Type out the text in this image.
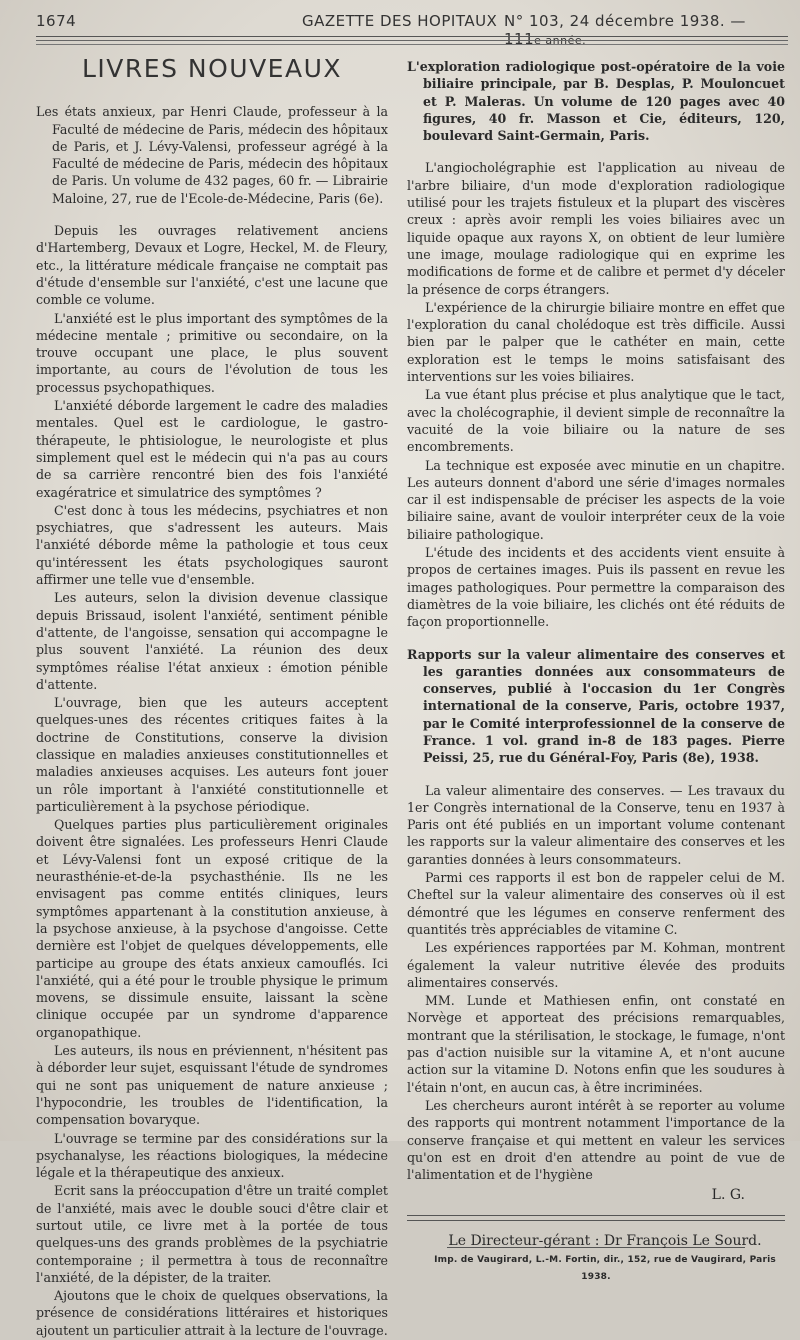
1674	GAZETTE DES HOPITAUX N° 103, 24 décembre 1938. — 111e année.
LIVRES NOUVEAUX

Les états anxieux, par Henri Claude, professeur à la Faculté de médecine de Paris, médecin des hôpitaux de Paris, et J. Lévy-Valensi, professeur agrégé à la Faculté de médecine de Paris, médecin des hôpitaux de Paris. Un volume de 432 pages, 60 fr. — Librairie Maloine, 27, rue de l'Ecole-de-Médecine, Paris (6e).

Depuis les ouvrages relativement anciens d'Hartemberg, Devaux et Logre, Heckel, M. de Fleury, etc., la littérature médicale française ne comptait pas d'étude d'ensemble sur l'anxiété, c'est une lacune que comble ce volume.

L'anxiété est le plus important des symptômes de la médecine mentale ; primitive ou secondaire, on la trouve occupant une place, le plus souvent importante, au cours de l'évolution de tous les processus psychopathiques.

L'anxiété déborde largement le cadre des maladies mentales. Quel est le cardiologue, le gastro-thérapeute, le phtisiologue, le neurologiste et plus simplement quel est le médecin qui n'a pas au cours de sa carrière rencontré bien des fois l'anxiété exagératrice et simulatrice des symptômes ?

C'est donc à tous les médecins, psychiatres et non psychiatres, que s'adressent les auteurs. Mais l'anxiété déborde même la pathologie et tous ceux qu'intéressent les états psychologiques sauront affirmer une telle vue d'ensemble.

Les auteurs, selon la division devenue classique depuis Brissaud, isolent l'anxiété, sentiment pénible d'attente, de l'angoisse, sensation qui accompagne le plus souvent l'anxiété. La réunion des deux symptômes réalise l'état anxieux : émotion pénible d'attente.

L'ouvrage, bien que les auteurs acceptent quelques-unes des récentes critiques faites à la doctrine de Constitutions, conserve la division classique en maladies anxieuses constitutionnelles et maladies anxieuses acquises. Les auteurs font jouer un rôle important à l'anxiété constitutionnelle et particulièrement à la psychose périodique.

Quelques parties plus particulièrement originales doivent être signalées. Les professeurs Henri Claude et Lévy-Valensi font un exposé critique de la neurasthénie-et-de-la psychasthénie. Ils ne les envisagent pas comme entités cliniques, leurs symptômes appartenant à la constitution anxieuse, à la psychose anxieuse, à la psychose d'angoisse. Cette dernière est l'objet de quelques développements, elle participe au groupe des états anxieux camouflés. Ici l'anxiété, qui a été pour le trouble physique le primum movens, se dissimule ensuite, laissant la scène clinique occupée par un syndrome d'apparence organopathique.

Les auteurs, ils nous en préviennent, n'hésitent pas à déborder leur sujet, esquissant l'étude de syndromes qui ne sont pas uniquement de nature anxieuse ; l'hypocondrie, les troubles de l'identification, la compensation bovaryque.

L'ouvrage se termine par des considérations sur la psychanalyse, les réactions biologiques, la médecine légale et la thérapeutique des anxieux.

Ecrit sans la préoccupation d'être un traité complet de l'anxiété, mais avec le double souci d'être clair et surtout utile, ce livre met à la portée de tous quelques-uns des grands problèmes de la psychiatrie contemporaine ; il permettra à tous de reconnaître l'anxiété, de la dépister, de la traiter.

Ajoutons que le choix de quelques observations, la présence de considérations littéraires et historiques ajoutent un particulier attrait à la lecture de l'ouvrage.

L'exploration radiologique post-opératoire de la voie biliaire principale, par B. Desplas, P. Mouloncuet et P. Maleras. Un volume de 120 pages avec 40 figures, 40 fr. Masson et Cie, éditeurs, 120, boulevard Saint-Germain, Paris.

L'angiocholégraphie est l'application au niveau de l'arbre biliaire, d'un mode d'exploration radiologique utilisé pour les trajets fistuleux et la plupart des viscères creux : après avoir rempli les voies biliaires avec un liquide opaque aux rayons X, on obtient de leur lumière une image, moulage radiologique qui en exprime les modifications de forme et de calibre et permet d'y déceler la présence de corps étrangers.

L'expérience de la chirurgie biliaire montre en effet que l'exploration du canal cholédoque est très difficile. Aussi bien par le palper que le cathéter en main, cette exploration est le temps le moins satisfaisant des interventions sur les voies biliaires.

La vue étant plus précise et plus analytique que le tact, avec la cholécographie, il devient simple de reconnaître la vacuité de la voie biliaire ou la nature de ses encombrements.

La technique est exposée avec minutie en un chapitre. Les auteurs donnent d'abord une série d'images normales car il est indispensable de préciser les aspects de la voie biliaire saine, avant de vouloir interpréter ceux de la voie biliaire pathologique.

L'étude des incidents et des accidents vient ensuite à propos de certaines images. Puis ils passent en revue les images pathologiques. Pour permettre la comparaison des diamètres de la voie biliaire, les clichés ont été réduits de façon proportionnelle.

Rapports sur la valeur alimentaire des conserves et les garanties données aux consommateurs de conserves, publié à l'occasion du 1er Congrès international de la conserve, Paris, octobre 1937, par le Comité interprofessionnel de la conserve de France. 1 vol. grand in-8 de 183 pages. Pierre Peissi, 25, rue du Général-Foy, Paris (8e), 1938.

La valeur alimentaire des conserves. — Les travaux du 1er Congrès international de la Conserve, tenu en 1937 à Paris ont été publiés en un important volume contenant les rapports sur la valeur alimentaire des conserves et les garanties données à leurs consommateurs.

Parmi ces rapports il est bon de rappeler celui de M. Cheftel sur la valeur alimentaire des conserves où il est démontré que les légumes en conserve renferment des quantités très appréciables de vitamine C.

Les expériences rapportées par M. Kohman, montrent également la valeur nutritive élevée des produits alimentaires conservés.

MM. Lunde et Mathiesen enfin, ont constaté en Norvège et apporteat des précisions remarquables, montrant que la stérilisation, le stockage, le fumage, n'ont pas d'action nuisible sur la vitamine A, et n'ont aucune action sur la vitamine D. Notons enfin que les soudures à l'étain n'ont, en aucun cas, à être incriminées.

Les chercheurs auront intérêt à se reporter au volume des rapports qui montrent notamment l'importance de la conserve française et qui mettent en valeur les services qu'on est en droit d'en attendre au point de vue de l'alimentation et de l'hygiène

L. G.

Le Directeur-gérant : Dr François Le Sourd.

Imp. de Vaugirard, L.-M. Fortin, dir., 152, rue de Vaugirard, Paris 1938.
